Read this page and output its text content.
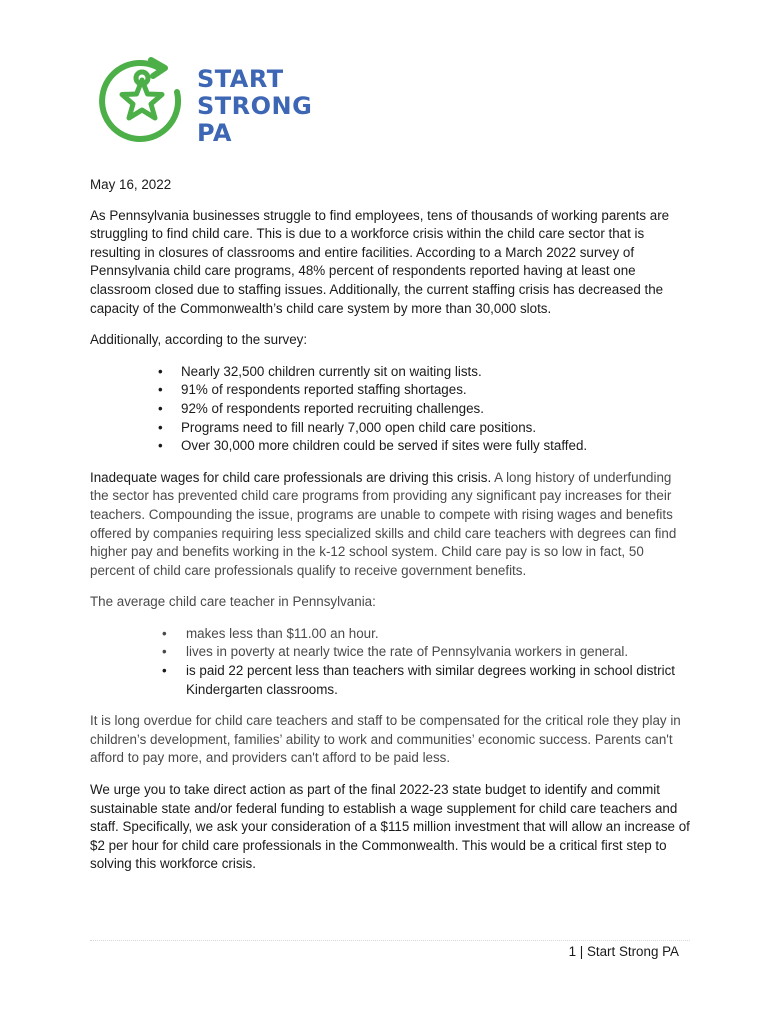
START
STRONG
PA

May 16, 2022

As Pennsylvania businesses struggle to find employees, tens of thousands of working parents are struggling to find child care. This is due to a workforce crisis within the child care sector that is resulting in closures of classrooms and entire facilities. According to a March 2022 survey of Pennsylvania child care programs, 48% percent of respondents reported having at least one classroom closed due to staffing issues. Additionally, the current staffing crisis has decreased the capacity of the Commonwealth’s child care system by more than 30,000 slots.

Additionally, according to the survey:

• Nearly 32,500 children currently sit on waiting lists.
• 91% of respondents reported staffing shortages.
• 92% of respondents reported recruiting challenges.
• Programs need to fill nearly 7,000 open child care positions.
• Over 30,000 more children could be served if sites were fully staffed.

Inadequate wages for child care professionals are driving this crisis. A long history of underfunding the sector has prevented child care programs from providing any significant pay increases for their teachers. Compounding the issue, programs are unable to compete with rising wages and benefits offered by companies requiring less specialized skills and child care teachers with degrees can find higher pay and benefits working in the k-12 school system. Child care pay is so low in fact, 50 percent of child care professionals qualify to receive government benefits.

The average child care teacher in Pennsylvania:

• makes less than $11.00 an hour.
• lives in poverty at nearly twice the rate of Pennsylvania workers in general.
• is paid 22 percent less than teachers with similar degrees working in school district Kindergarten classrooms.

It is long overdue for child care teachers and staff to be compensated for the critical role they play in children’s development, families’ ability to work and communities’ economic success. Parents can't afford to pay more, and providers can't afford to be paid less.

We urge you to take direct action as part of the final 2022-23 state budget to identify and commit sustainable state and/or federal funding to establish a wage supplement for child care teachers and staff. Specifically, we ask your consideration of a $115 million investment that will allow an increase of $2 per hour for child care professionals in the Commonwealth. This would be a critical first step to solving this workforce crisis.

1 | Start Strong PA
